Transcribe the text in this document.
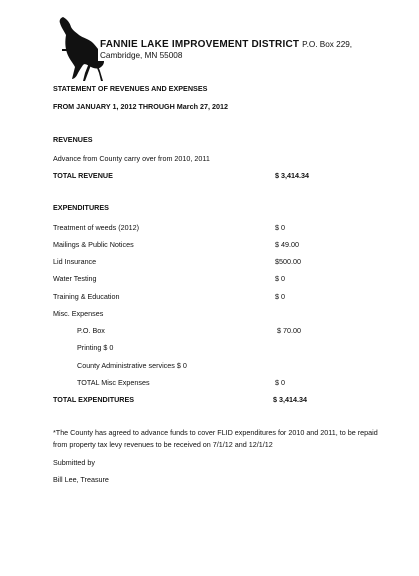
FANNIE LAKE IMPROVEMENT DISTRICT P.O. Box 229, Cambridge, MN 55008
STATEMENT OF REVENUES AND EXPENSES
FROM JANUARY 1, 2012 THROUGH March 27, 2012
REVENUES
Advance from County carry over from 2010, 2011
TOTAL REVENUE	$ 3,414.34
EXPENDITURES
Treatment of weeds (2012)	$ 0
Mailings & Public Notices	$ 49.00
Lid Insurance	$500.00
Water Testing	$ 0
Training & Education	$ 0
Misc. Expenses
P.O. Box	$ 70.00
Printing $ 0
County Administrative services $ 0
TOTAL Misc Expenses	$ 0
TOTAL EXPENDITURES	$ 3,414.34
*The County has agreed to advance funds to cover FLID expenditures for 2010 and 2011, to be repaid
from property tax levy revenues to be received on 7/1/12 and 12/1/12
Submitted by
Bill Lee, Treasure
